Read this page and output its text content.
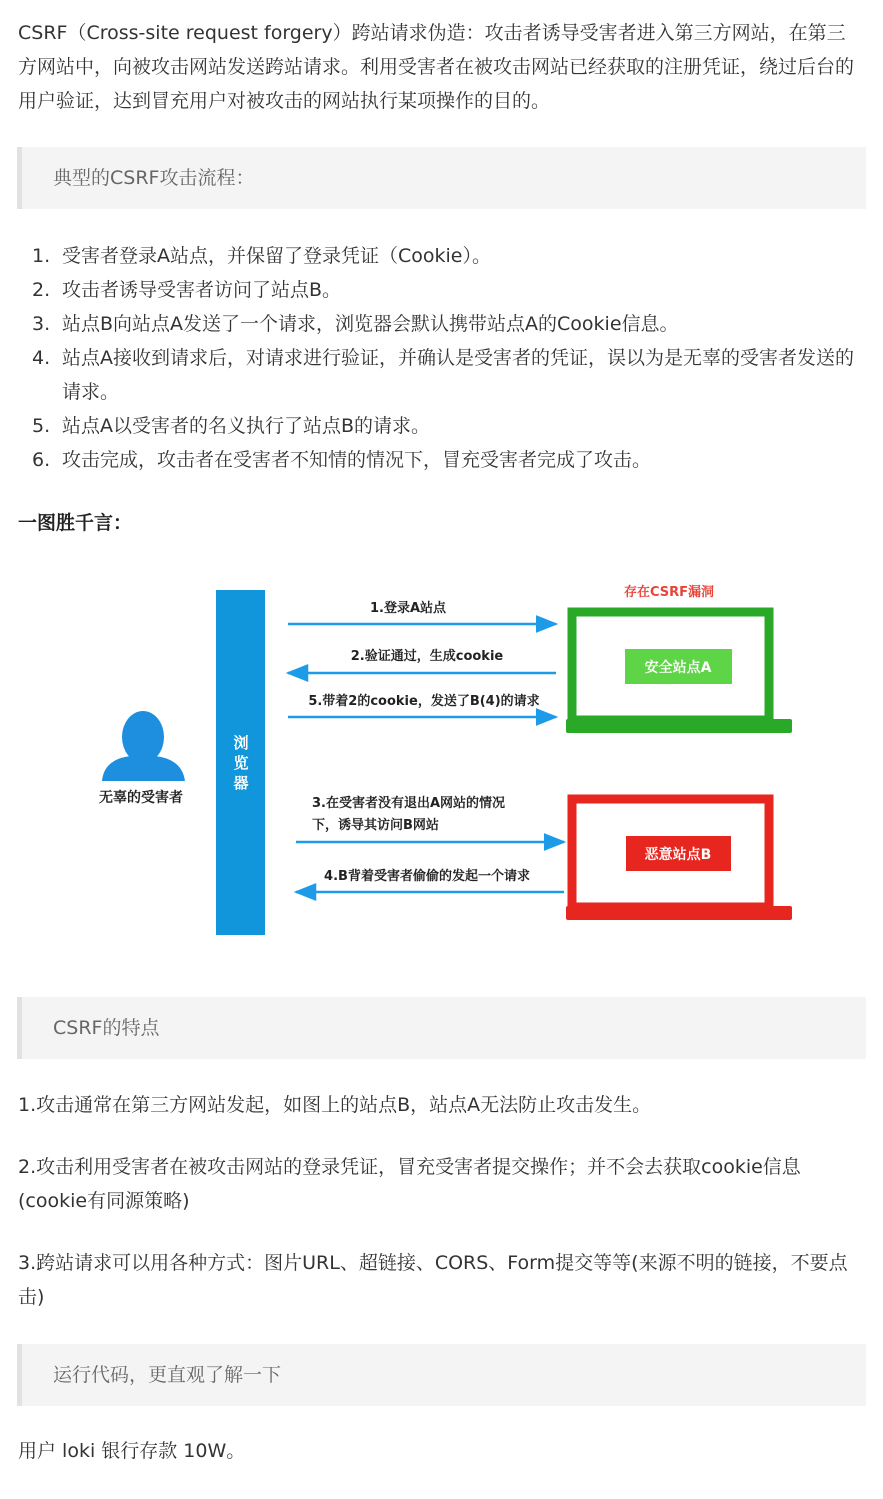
CSRF（Cross-site request forgery）跨站请求伪造：攻击者诱导受害者进入第三方网站，在第三方网站中，向被攻击网站发送跨站请求。利用受害者在被攻击网站已经获取的注册凭证，绕过后台的用户验证，达到冒充用户对被攻击的网站执行某项操作的目的。

典型的CSRF攻击流程：
1. 受害者登录A站点，并保留了登录凭证（Cookie）。
2. 攻击者诱导受害者访问了站点B。
3. 站点B向站点A发送了一个请求，浏览器会默认携带站点A的Cookie信息。
4. 站点A接收到请求后，对请求进行验证，并确认是受害者的凭证，误以为是无辜的受害者发送的请求。
5. 站点A以受害者的名义执行了站点B的请求。
6. 攻击完成，攻击者在受害者不知情的情况下，冒充受害者完成了攻击。
一图胜千言：
无辜的受害者
浏
览
器
存在CSRF漏洞
安全站点A
恶意站点B
1.登录A站点
2.验证通过，生成cookie
5.带着2的cookie，发送了B(4)的请求
3.在受害者没有退出A网站的情况
下，诱导其访问B网站
4.B背着受害者偷偷的发起一个请求
CSRF的特点

1.攻击通常在第三方网站发起，如图上的站点B，站点A无法防止攻击发生。

2.攻击利用受害者在被攻击网站的登录凭证，冒充受害者提交操作；并不会去获取cookie信息(cookie有同源策略)

3.跨站请求可以用各种方式：图片URL、超链接、CORS、Form提交等等(来源不明的链接，不要点击)

运行代码，更直观了解一下

用户 loki 银行存款 10W。
